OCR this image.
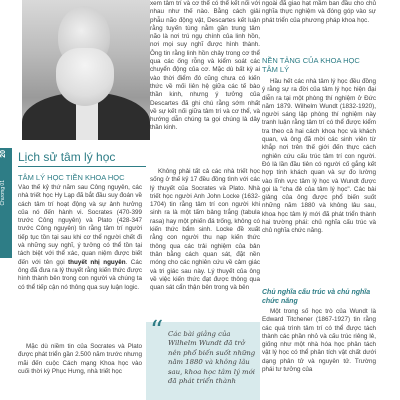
20
Chương 01
Lịch sử tâm lý học
TÂM LÝ HỌC TIỀN KHOA HỌC
Vào thế kỷ thứ năm sau Công nguyên, các nhà triết học Hy Lạp đã bắt đầu suy đoán về cách tâm trí hoạt động và sự ảnh hưởng của nó đến hành vi. Socrates (470-399 trước Công nguyên) và Plato (428-347 trước Công nguyên) tin rằng tâm trí người tiếp tục tồn tại sau khi cơ thể người chết đi và những suy nghĩ, ý tưởng có thể tồn tại tách biệt với thể xác, quan niệm được biết đến với tên gọi thuyết nhị nguyên. Các ông đã đưa ra lý thuyết rằng kiến thức được hình thành bên trong con người và chúng ta có thể tiếp cận nó thông qua suy luận logic.
Mặc dù niềm tin của Socrates và Plato được phát triển gần 2.500 năm trước nhưng mãi đến cuộc Cách mạng Khoa học vào cuối thời kỳ Phục Hưng, nhà triết học
xem tâm trí và cơ thể có thể kết nối với nhau như thế nào. Bằng cách giải phẫu não động vật, Descartes kết luận rằng tuyến tùng nằm gần trung tâm não là nơi trú ngụ chính của linh hồn, nơi mọi suy nghĩ được hình thành. Ông tin rằng linh hồn chảy trong cơ thể qua các ống rỗng và kiểm soát các chuyển động của cơ. Mặc dù bất kỳ ai vào thời điểm đó cũng chưa có kiến thức về mối liên hệ giữa các tế bào thần kinh, nhưng ý tưởng của Descartes đã ghi chú rằng sớm nhất về sự kết nối giữa tâm trí và cơ thể, và hướng dẫn chúng ta gọi chúng là dây thần kinh.
Không phải tất cả các nhà triết học sống ở thế kỷ 17 đều đồng tình với các lý thuyết của Socrates và Plato. Nhà triết học người Anh John Locke (1632-1704) tin rằng tâm trí con người khi sinh ra là một tấm bảng trắng (tabula rasa) hay một phiến đá trống, không có kiến thức bẩm sinh. Locke đề xuất rằng con người thu nạp kiến thức thông qua các trải nghiệm của bản thân bằng cách quan sát, đặt nền móng cho các nghiên cứu về cảm giác và tri giác sau này. Lý thuyết của ông về việc kiến thức đạt được thông qua quan sát cẩn thận bên trong và bên
“ Các bài giảng của Wilhelm Wundt đã trở nên phổ biến suốt những năm 1880 và không lâu sau, khoa học tâm lý mới đã phát triển thành
ngoài đã giao hạt mầm ban đầu cho chủ nghĩa thực nghiệm và đóng góp vào sự phát triển của phương pháp khoa học.
NỀN TẢNG CỦA KHOA HỌC TÂM LÝ
Hầu hết các nhà tâm lý học đều đồng ý rằng sự ra đời của tâm lý học hiện đại diễn ra tại một phòng thí nghiệm ở Đức năm 1879. Wilhelm Wundt (1832-1920), người sáng lập phòng thí nghiệm này tranh luận rằng tâm trí có thể được kiểm tra theo cả hai cách khoa học và khách quan, và ông đã mời các sinh viên từ khắp nơi trên thế giới đến thực cách nghiên cứu cấu trúc tâm trí con người. Đó là lần đầu tiên có người cố gắng kết hợp tính khách quan và sự đo lường vào lĩnh vực tâm lý học và Wundt được gọi là "cha đẻ của tâm lý học". Các bài giảng của ông được phổ biến suốt những năm 1880 và không lâu sau, khoa học tâm lý mới đã phát triển thành hai trường phái: chủ nghĩa cấu trúc và chủ nghĩa chức năng.
Chủ nghĩa cấu trúc và chủ nghĩa chức năng
Một trong số học trò của Wundt là Edward Titchener (1867-1927) tin rằng các quá trình tâm trí có thể được tách thành các phần nhỏ và cấu trúc riêng lẻ, giống như một nhà hóa học phân tách vật lý học có thể phân tích vật chất dưới dạng phân tử và nguyên tử. Trường phái tư tưởng của
